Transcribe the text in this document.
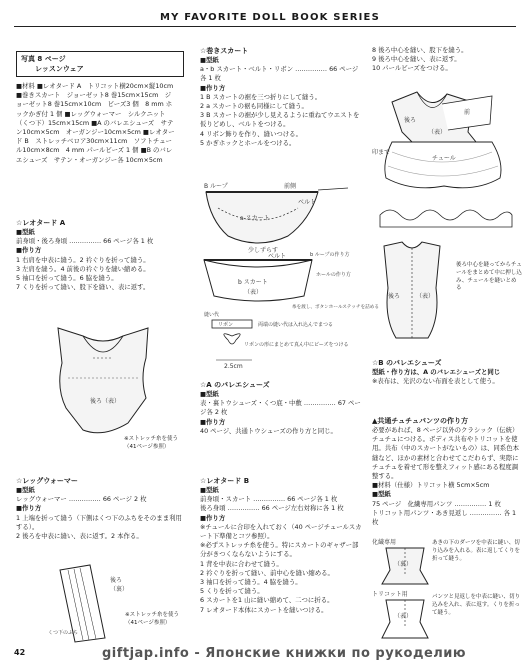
MY FAVORITE DOLL BOOK SERIES
写真 8 ページ
レッスンウェア
■材料 ■レオタード A　トリコット横20cm×縦10cm ■巻きスカート　ジョーゼット8 巻15cm×15cm　ジョーゼット8 巻15cm×10cm　ビーズ3 個　8 mm ホックかぎ付 1 個 ■レッグウォーマー　シルクニット（くつ下）15cm×15cm ■A のバレエシューズ　サテン10cm×5cm　オーガンジー10cm×5cm ■レオタード B　ストレッチベロア30cm×11cm　ソフトチュール10cm×8cm　4 mm パールビーズ 1 個 ■B のバレエシューズ　サテン・オーガンジー各 10cm×5cm
☆レオタード A
■型紙
前身頃・後ろ身頃 …………… 66 ページ各 1 枚
■作り方
1 右肩を中表に縫う。2 衿ぐりを折って縫う。
3 左肩を縫う。4 前後の衿ぐりを縫い縮める。
5 袖口を折って縫う。6 脇を縫う。
7 くりを折って縫い、股下を縫い、表に返す。
後ろ（表）
※ストレッチ糸を使う（41ページ参照）
☆レッグウォーマー
■型紙
レッグウォーマー …………… 66 ページ 2 枚
■作り方
1 上端を折って縫う（下側はくつ下のふちをそのまま利用する）。
2 後ろを中表に縫い、表に返す。2 本作る。
後ろ
（裏）
くつ下のふち
※ストレッチ糸を使う（41ページ参照）
☆巻きスカート
■型紙
a・b スカート・ベルト・リボン …………… 66 ページ各 1 枚
■作り方
1 B スカートの裾を三つ折りにして縫う。
2 a スカートの裾も同様にして縫う。
3 B スカートの裾が少し見えるように重ねてウエストを仮りどめし、ベルトをつける。
4 リボン飾りを作り、縫いつける。
5 かぎホックとホールをつける。
B ループ	前側
ベルト
a スカート
b スカート
ベルト
（表）
少しずらす
両端の縫い代は入れ込んでまつる
リボンの形にまとめて真ん中にビーズをつける
縫い代
2.5cm
リボン
ホールの作り方
b ループの作り方
糸を渡し、ボタンホールステッチを詰める
☆A のバレエシューズ
■型紙
表・裏トウシューズ・くつ底・中敷 …………… 67 ページ各 2 枚
■作り方
40 ページ、共通トウシューズの作り方と同じ。
☆レオタード B
■型紙
前身頃・スカート …………… 66 ページ各 1 枚
後ろ身頃 …………… 66 ページ左右対称に各 1 枚
■作り方
※チュールに合印を入れておく（40 ページチュールスカート下準備とコツ参照）。
※必ずストレッチ糸を使う。特にスカートのギャザー部分がきつくならないようにする。
1 背を中表に合わせて縫う。
2 衿ぐりを折って縫い、前中心を縫い縮める。
3 袖口を折って縫う。4 脇を縫う。
5 くりを折って縫う。
6 スカートを1 山に縫い縮めて、二つに折る。
7 レオタード本体にスカートを縫いつける。
8 後ろ中心を縫い、股下を縫う。
9 後ろ中心を縫い、表に返す。
10 パールビーズをつける。
後ろ
前
チュール
（表）
印まで
後ろ	（表）
後ろ中心を縫ってからチュールをまとめて中に押し込み、チュールを縫いとめる
☆B のバレエシューズ
型紙・作り方は、A のバレエシューズと同じ
※表布は、光沢のない布面を表として使う。
▲共通チュチュパンツの作り方
必要があれば、8 ページ以外のクラシック（伝統）チュチュにつける。ボディス共布やトリコットを使用。共布（中のスカートがないもの）は、同系色本縫など、ほかの素材と合わせてこだわらず、実際にチュチュを着せて形を整えフィット感にある程度調整する。
■材料（仕様）トリコット横 5cm×5cm
■型紙
75 ページ　化繊専用パンツ …………… 1 枚
トリコット用パンツ・あき見返し …………… 各 1 枚
化繊専用
トリコット用
（裏）
（表）
あきの下のダーツを中表に縫い、切り込みを入れる。表に返してくりを折って縫う。
パンツと見返しを中表に縫い、切り込みを入れ、表に返す。くりを折って縫う。
42	giftjap.info - Японские книжки по рукоделию
